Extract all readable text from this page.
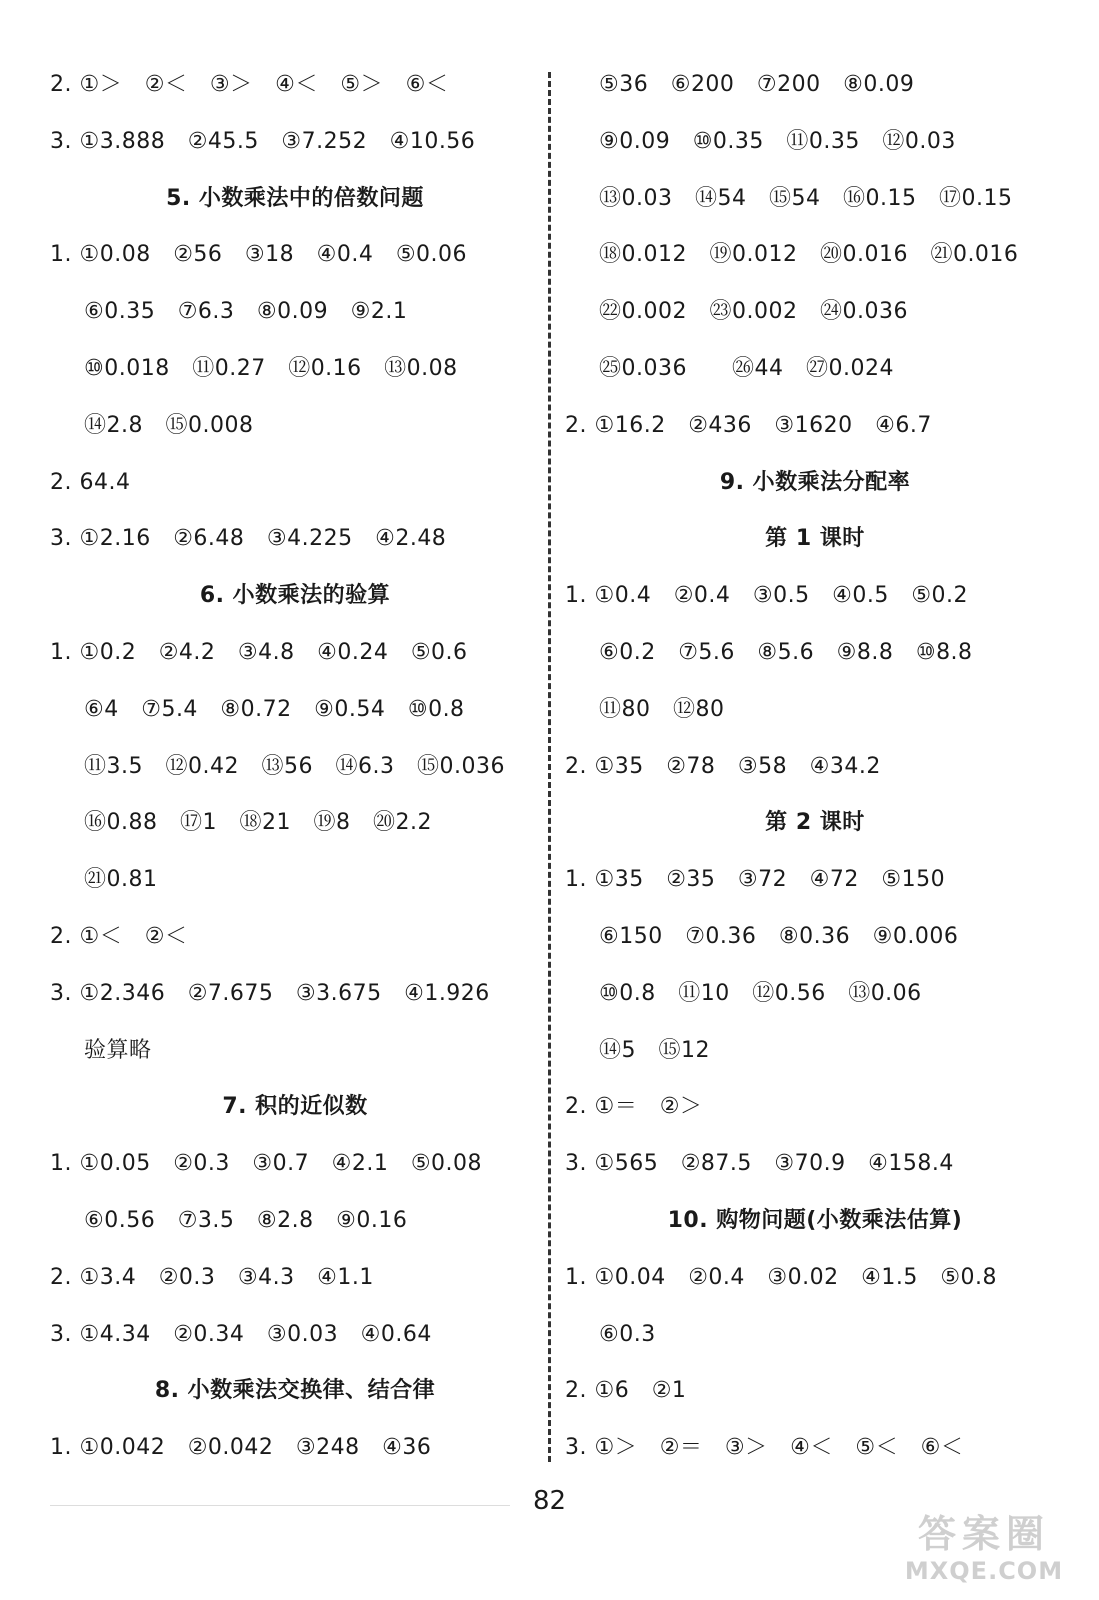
2. ①＞　②＜　③＞　④＜　⑤＞　⑥＜
3. ①3.888　②45.5　③7.252　④10.56
5. 小数乘法中的倍数问题
1. ①0.08　②56　③18　④0.4　⑤0.06
⑥0.35　⑦6.3　⑧0.09　⑨2.1
⑩0.018　⑪0.27　⑫0.16　⑬0.08
⑭2.8　⑮0.008
2. 64.4
3. ①2.16　②6.48　③4.225　④2.48
6. 小数乘法的验算
1. ①0.2　②4.2　③4.8　④0.24　⑤0.6
⑥4　⑦5.4　⑧0.72　⑨0.54　⑩0.8
⑪3.5　⑫0.42　⑬56　⑭6.3　⑮0.036
⑯0.88　⑰1　⑱21　⑲8　⑳2.2
㉑0.81
2. ①＜　②＜
3. ①2.346　②7.675　③3.675　④1.926
验算略
7. 积的近似数
1. ①0.05　②0.3　③0.7　④2.1　⑤0.08
⑥0.56　⑦3.5　⑧2.8　⑨0.16
2. ①3.4　②0.3　③4.3　④1.1
3. ①4.34　②0.34　③0.03　④0.64
8. 小数乘法交换律、结合律
1. ①0.042　②0.042　③248　④36
⑤36　⑥200　⑦200　⑧0.09
⑨0.09　⑩0.35　⑪0.35　⑫0.03
⑬0.03　⑭54　⑮54　⑯0.15　⑰0.15
⑱0.012　⑲0.012　⑳0.016　㉑0.016
㉒0.002　㉓0.002　㉔0.036
㉕0.036　　㉖44　㉗0.024
2. ①16.2　②436　③1620　④6.7
9. 小数乘法分配率
第 1 课时
1. ①0.4　②0.4　③0.5　④0.5　⑤0.2
⑥0.2　⑦5.6　⑧5.6　⑨8.8　⑩8.8
⑪80　⑫80
2. ①35　②78　③58　④34.2
第 2 课时
1. ①35　②35　③72　④72　⑤150
⑥150　⑦0.36　⑧0.36　⑨0.006
⑩0.8　⑪10　⑫0.56　⑬0.06
⑭5　⑮12
2. ①＝　②＞
3. ①565　②87.5　③70.9　④158.4
10. 购物问题(小数乘法估算)
1. ①0.04　②0.4　③0.02　④1.5　⑤0.8
⑥0.3
2. ①6　②1
3. ①＞　②＝　③＞　④＜　⑤＜　⑥＜
82
答案圈
MXQE.COM
